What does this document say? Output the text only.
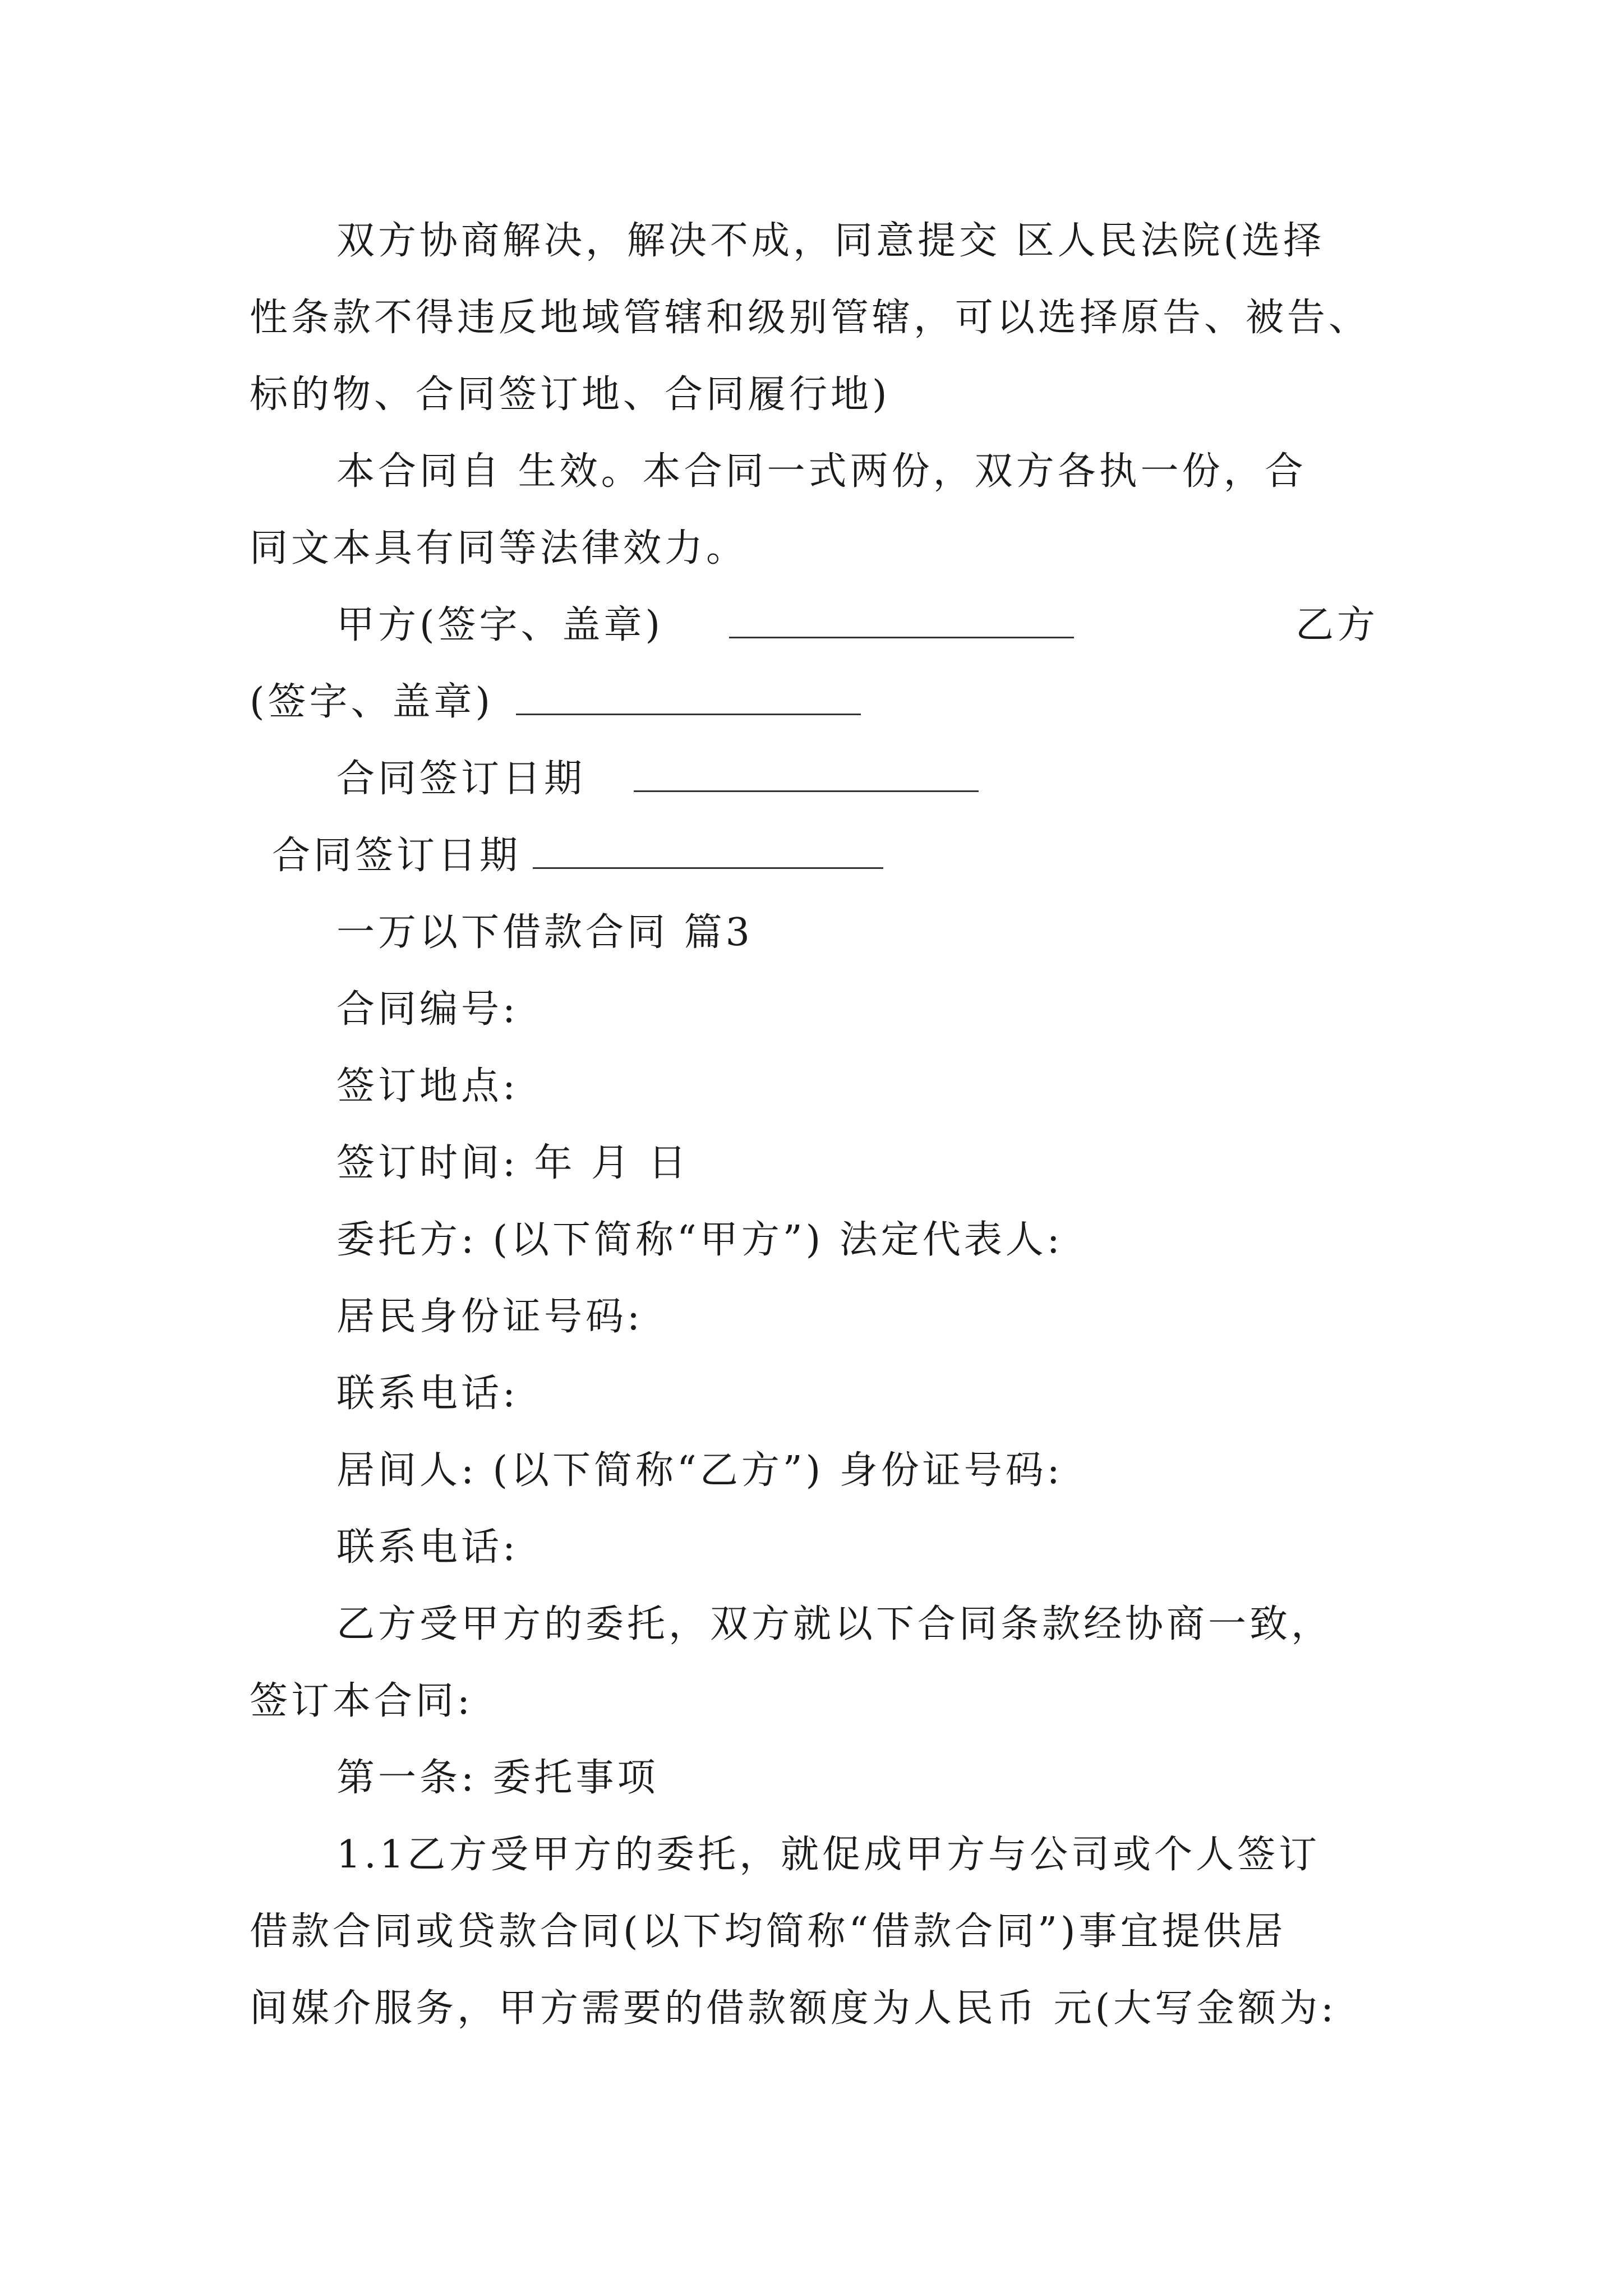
双方协商解决，解决不成，同意提交 区人民法院(选择
性条款不得违反地域管辖和级别管辖，可以选择原告、被告、
标的物、合同签订地、合同履行地)
本合同自 生效。本合同一式两份，双方各执一份，合
同文本具有同等法律效力。
甲方(签字、盖章)	乙方
(签字、盖章)
合同签订日期
合同签订日期
一万以下借款合同 篇3
合同编号:
签订地点:
签订时间: 年 月 日
委托方: (以下简称“甲方”) 法定代表人:
居民身份证号码:
联系电话:
居间人: (以下简称“乙方”) 身份证号码:
联系电话:
乙方受甲方的委托，双方就以下合同条款经协商一致，
签订本合同:
第一条: 委托事项
1.1乙方受甲方的委托，就促成甲方与公司或个人签订
借款合同或贷款合同(以下均简称“借款合同”)事宜提供居
间媒介服务，甲方需要的借款额度为人民币 元(大写金额为:
